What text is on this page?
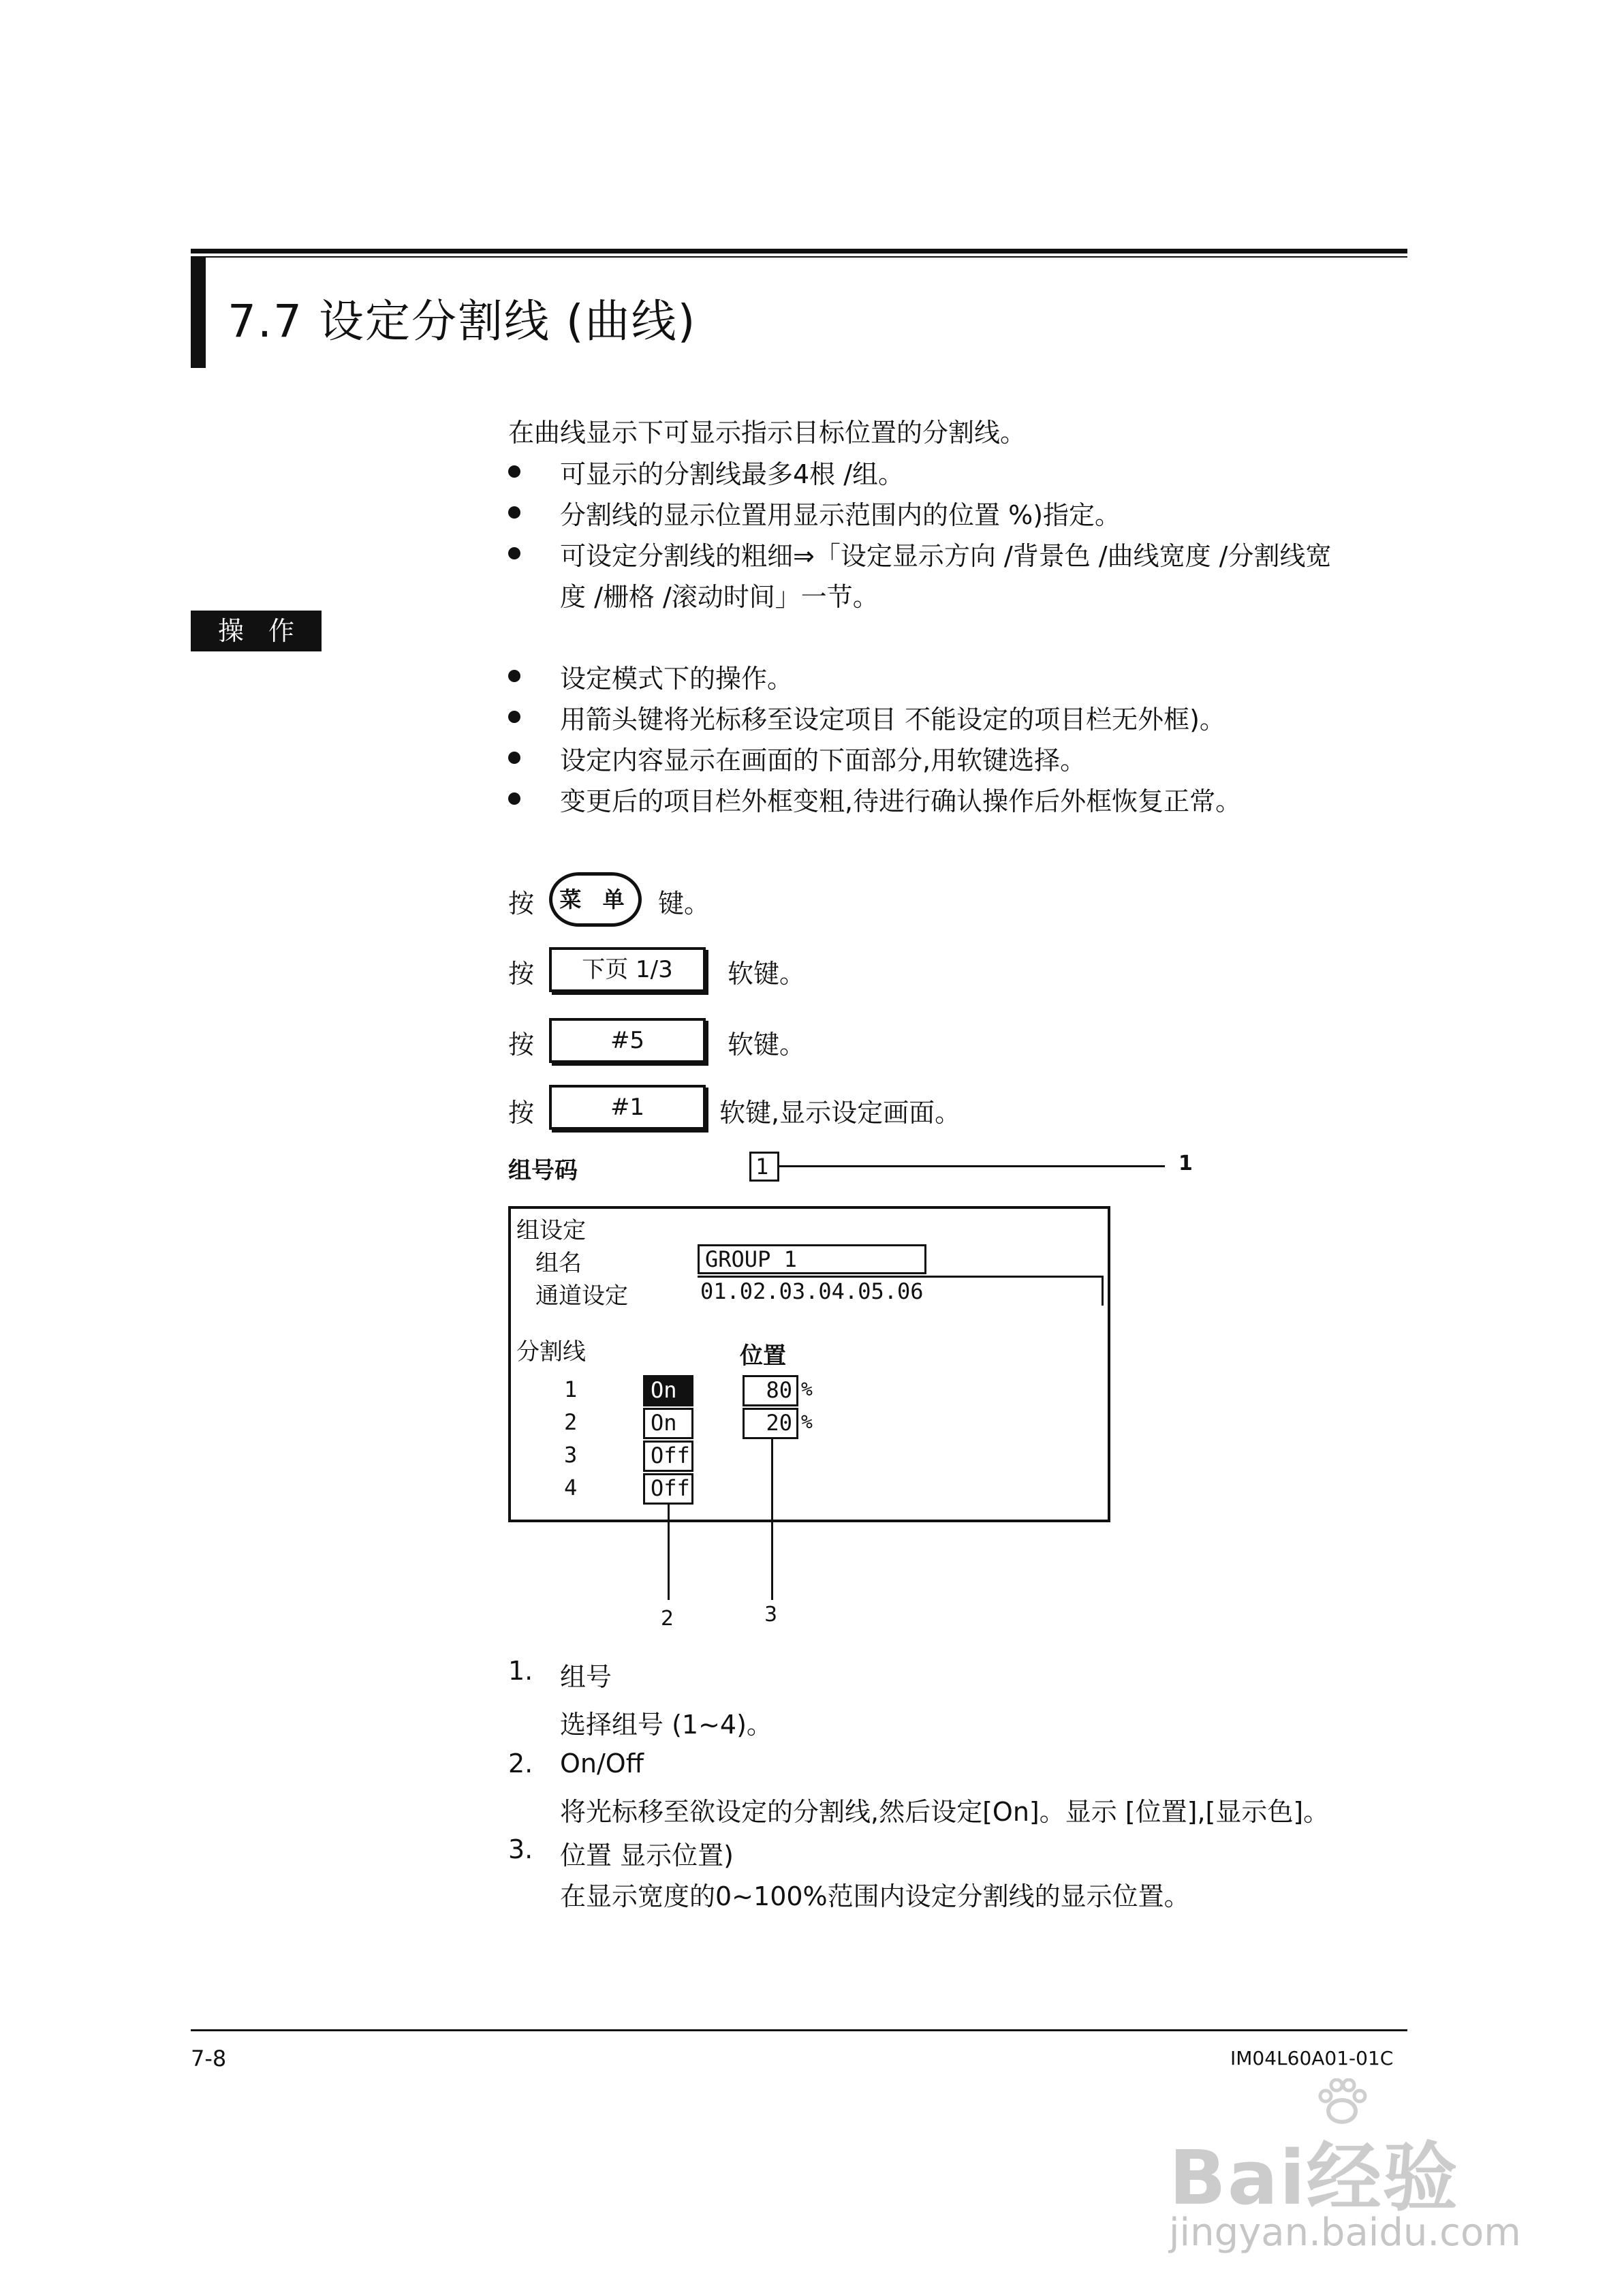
7.7 设定分割线 (曲线)
在曲线显示下可显示指示目标位置的分割线。
可显示的分割线最多4根 /组。
分割线的显示位置用显示范围内的位置 %)指定。
可设定分割线的粗细⇒「设定显示方向 /背景色 /曲线宽度 /分割线宽
度 /栅格 /滚动时间」一节。
操作
设定模式下的操作。
用箭头键将光标移至设定项目 不能设定的项目栏无外框)。
设定内容显示在画面的下面部分,用软键选择。
变更后的项目栏外框变粗,待进行确认操作后外框恢复正常。
按	菜 单	键。
按	下页 1/3	软键。
按	#5	软键。
按	#1	软键,显示设定画面。
组号码	1	1
组设定
组名	GROUP 1
通道设定	01.02.03.04.05.06
分割线	位置
1	On	80 %
2	On	20 %
3	Off
4	Off
2	3
1. 组号
选择组号 (1~4)。
2. On/Off
将光标移至欲设定的分割线,然后设定[On]。显示 [位置],[显示色]。
3. 位置 显示位置)
在显示宽度的0~100%范围内设定分割线的显示位置。
7-8	IM04L60A01-01C
Bai经验
jingyan.baidu.com
